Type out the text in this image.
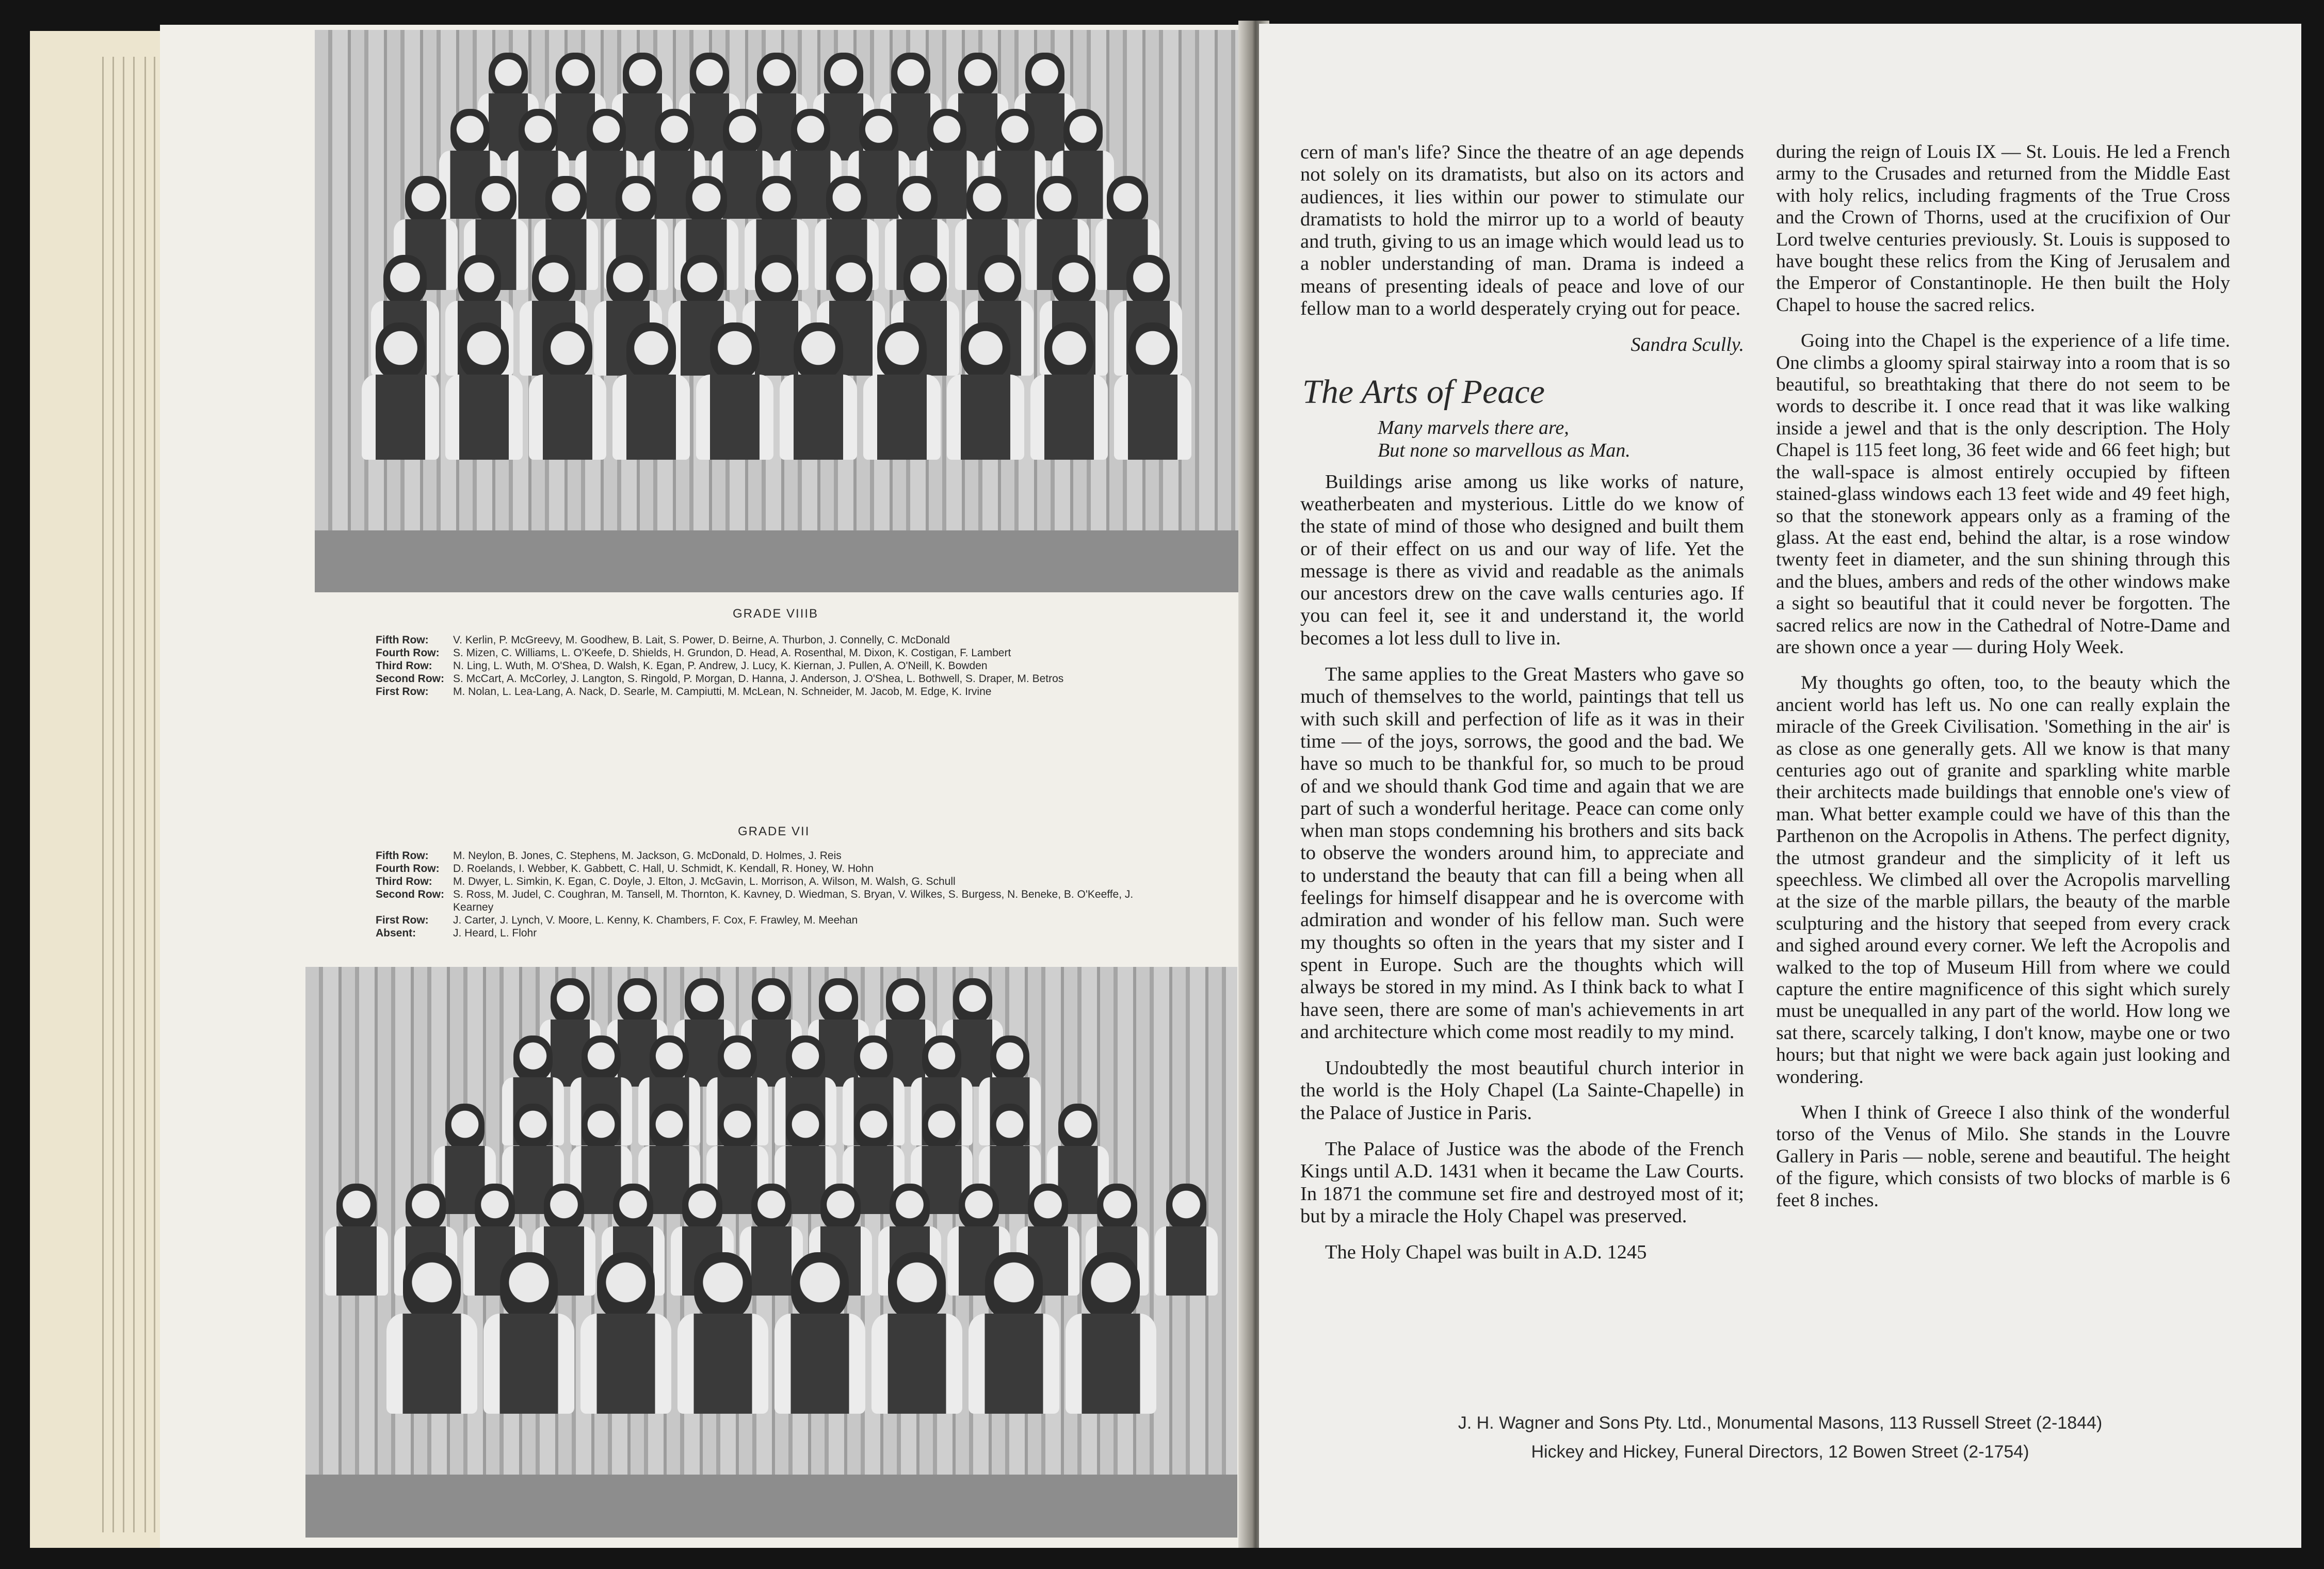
GRADE VIIIB
Fifth Row:	V. Kerlin, P. McGreevy, M. Goodhew, B. Lait, S. Power, D. Beirne, A. Thurbon, J. Connelly, C. McDonald
Fourth Row:	S. Mizen, C. Williams, L. O'Keefe, D. Shields, H. Grundon, D. Head, A. Rosenthal, M. Dixon, K. Costigan, F. Lambert
Third Row:	N. Ling, L. Wuth, M. O'Shea, D. Walsh, K. Egan, P. Andrew, J. Lucy, K. Kiernan, J. Pullen, A. O'Neill, K. Bowden
Second Row: S. McCart, A. McCorley, J. Langton, S. Ringold, P. Morgan, D. Hanna, J. Anderson, J. O'Shea, L. Bothwell, S. Draper, M. Betros
First Row:	M. Nolan, L. Lea-Lang, A. Nack, D. Searle, M. Campiutti, M. McLean, N. Schneider, M. Jacob, M. Edge, K. Irvine
GRADE VII
Fifth Row:	M. Neylon, B. Jones, C. Stephens, M. Jackson, G. McDonald, D. Holmes, J. Reis
Fourth Row:	D. Roelands, I. Webber, K. Gabbett, C. Hall, U. Schmidt, K. Kendall, R. Honey, W. Hohn
Third Row:	M. Dwyer, L. Simkin, K. Egan, C. Doyle, J. Elton, J. McGavin, L. Morrison, A. Wilson, M. Walsh, G. Schull
Second Row: S. Ross, M. Judel, C. Coughran, M. Tansell, M. Thornton, K. Kavney, D. Wiedman, S. Bryan, V. Wilkes, S. Burgess, N. Beneke, B. O'Keeffe, J. Kearney
First Row:	J. Carter, J. Lynch, V. Moore, L. Kenny, K. Chambers, F. Cox, F. Frawley, M. Meehan
Absent:	J. Heard, L. Flohr

cern of man's life? Since the theatre of an age depends not solely on its dramatists, but also on its actors and audiences, it lies within our power to stimulate our dramatists to hold the mirror up to a world of beauty and truth, giving to us an image which would lead us to a nobler understanding of man. Drama is indeed a means of presenting ideals of peace and love of our fellow man to a world desperately crying out for peace.

Sandra Scully.
The Arts of Peace
Many marvels there are,
But none so marvellous as Man.

Buildings arise among us like works of nature, weatherbeaten and mysterious. Little do we know of the state of mind of those who designed and built them or of their effect on us and our way of life. Yet the message is there as vivid and readable as the animals our ancestors drew on the cave walls centuries ago. If you can feel it, see it and understand it, the world becomes a lot less dull to live in.

The same applies to the Great Masters who gave so much of themselves to the world, paintings that tell us with such skill and perfection of life as it was in their time — of the joys, sorrows, the good and the bad. We have so much to be thankful for, so much to be proud of and we should thank God time and again that we are part of such a wonderful heritage. Peace can come only when man stops condemning his brothers and sits back to observe the wonders around him, to appreciate and to understand the beauty that can fill a being when all feelings for himself disappear and he is overcome with admiration and wonder of his fellow man. Such were my thoughts so often in the years that my sister and I spent in Europe. Such are the thoughts which will always be stored in my mind. As I think back to what I have seen, there are some of man's achievements in art and architecture which come most readily to my mind.

Undoubtedly the most beautiful church interior in the world is the Holy Chapel (La Sainte-Chapelle) in the Palace of Justice in Paris.

The Palace of Justice was the abode of the French Kings until A.D. 1431 when it became the Law Courts. In 1871 the commune set fire and destroyed most of it; but by a miracle the Holy Chapel was preserved.

The Holy Chapel was built in A.D. 1245

during the reign of Louis IX — St. Louis. He led a French army to the Crusades and returned from the Middle East with holy relics, including fragments of the True Cross and the Crown of Thorns, used at the crucifixion of Our Lord twelve centuries previously. St. Louis is supposed to have bought these relics from the King of Jerusalem and the Emperor of Constantinople. He then built the Holy Chapel to house the sacred relics.

Going into the Chapel is the experience of a life time. One climbs a gloomy spiral stairway into a room that is so beautiful, so breathtaking that there do not seem to be words to describe it. I once read that it was like walking inside a jewel and that is the only description. The Holy Chapel is 115 feet long, 36 feet wide and 66 feet high; but the wall-space is almost entirely occupied by fifteen stained-glass windows each 13 feet wide and 49 feet high, so that the stonework appears only as a framing of the glass. At the east end, behind the altar, is a rose window twenty feet in diameter, and the sun shining through this and the blues, ambers and reds of the other windows make a sight so beautiful that it could never be forgotten. The sacred relics are now in the Cathedral of Notre-Dame and are shown once a year — during Holy Week.

My thoughts go often, too, to the beauty which the ancient world has left us. No one can really explain the miracle of the Greek Civilisation. 'Something in the air' is as close as one generally gets. All we know is that many centuries ago out of granite and sparkling white marble their architects made buildings that ennoble one's view of man. What better example could we have of this than the Parthenon on the Acropolis in Athens. The perfect dignity, the utmost grandeur and the simplicity of it left us speechless. We climbed all over the Acropolis marvelling at the size of the marble pillars, the beauty of the marble sculpturing and the history that seeped from every crack and sighed around every corner. We left the Acropolis and walked to the top of Museum Hill from where we could capture the entire magnificence of this sight which surely must be unequalled in any part of the world. How long we sat there, scarcely talking, I don't know, maybe one or two hours; but that night we were back again just looking and wondering.

When I think of Greece I also think of the wonderful torso of the Venus of Milo. She stands in the Louvre Gallery in Paris — noble, serene and beautiful. The height of the figure, which consists of two blocks of marble is 6 feet 8 inches.

J. H. Wagner and Sons Pty. Ltd., Monumental Masons, 113 Russell Street (2-1844)
Hickey and Hickey, Funeral Directors, 12 Bowen Street (2-1754)
